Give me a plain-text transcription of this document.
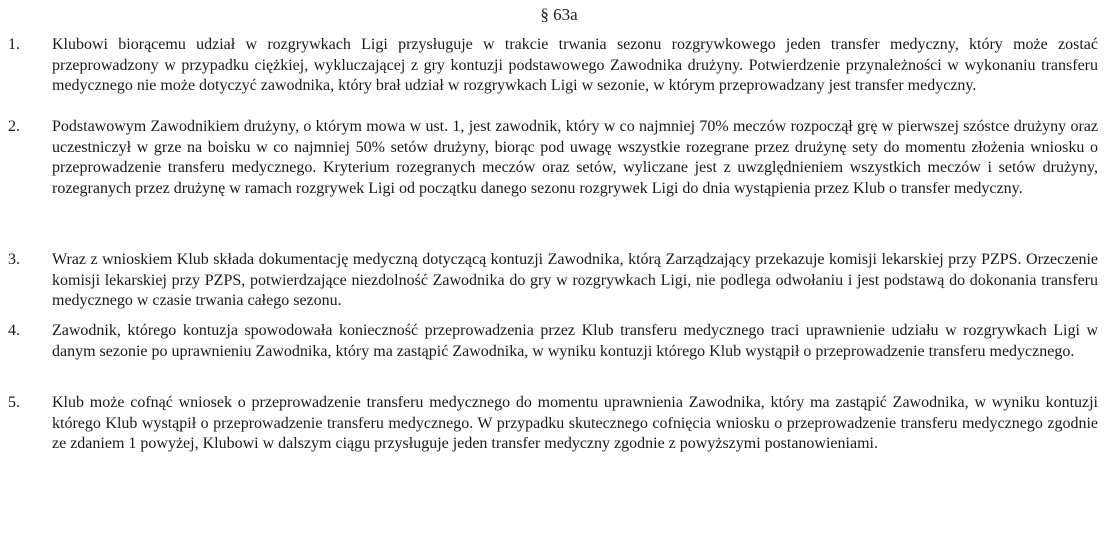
§ 63a
1. Klubowi biorącemu udział w rozgrywkach Ligi przysługuje w trakcie trwania sezonu rozgrywkowego jeden transfer medyczny, który może zostać przeprowadzony w przypadku ciężkiej, wykluczającej z gry kontuzji podstawowego Zawodnika drużyny. Potwierdzenie przynależności w wykonaniu transferu medycznego nie może dotyczyć zawodnika, który brał udział w rozgrywkach Ligi w sezonie, w którym przeprowadzany jest transfer medyczny.
2. Podstawowym Zawodnikiem drużyny, o którym mowa w ust. 1, jest zawodnik, który w co najmniej 70% meczów rozpoczął grę w pierwszej szóstce drużyny oraz uczestniczył w grze na boisku w co najmniej 50% setów drużyny, biorąc pod uwagę wszystkie rozegrane przez drużynę sety do momentu złożenia wniosku o przeprowadzenie transferu medycznego. Kryterium rozegranych meczów oraz setów, wyliczane jest z uwzględnieniem wszystkich meczów i setów drużyny, rozegranych przez drużynę w ramach rozgrywek Ligi od początku danego sezonu rozgrywek Ligi do dnia wystąpienia przez Klub o transfer medyczny.
3. Wraz z wnioskiem Klub składa dokumentację medyczną dotyczącą kontuzji Zawodnika, którą Zarządzający przekazuje komisji lekarskiej przy PZPS. Orzeczenie komisji lekarskiej przy PZPS, potwierdzające niezdolność Zawodnika do gry w rozgrywkach Ligi, nie podlega odwołaniu i jest podstawą do dokonania transferu medycznego w czasie trwania całego sezonu.
4. Zawodnik, którego kontuzja spowodowała konieczność przeprowadzenia przez Klub transferu medycznego traci uprawnienie udziału w rozgrywkach Ligi w danym sezonie po uprawnieniu Zawodnika, który ma zastąpić Zawodnika, w wyniku kontuzji którego Klub wystąpił o przeprowadzenie transferu medycznego.
5. Klub może cofnąć wniosek o przeprowadzenie transferu medycznego do momentu uprawnienia Zawodnika, który ma zastąpić Zawodnika, w wyniku kontuzji którego Klub wystąpił o przeprowadzenie transferu medycznego. W przypadku skutecznego cofnięcia wniosku o przeprowadzenie transferu medycznego zgodnie ze zdaniem 1 powyżej, Klubowi w dalszym ciągu przysługuje jeden transfer medyczny zgodnie z powyższymi postanowieniami.
